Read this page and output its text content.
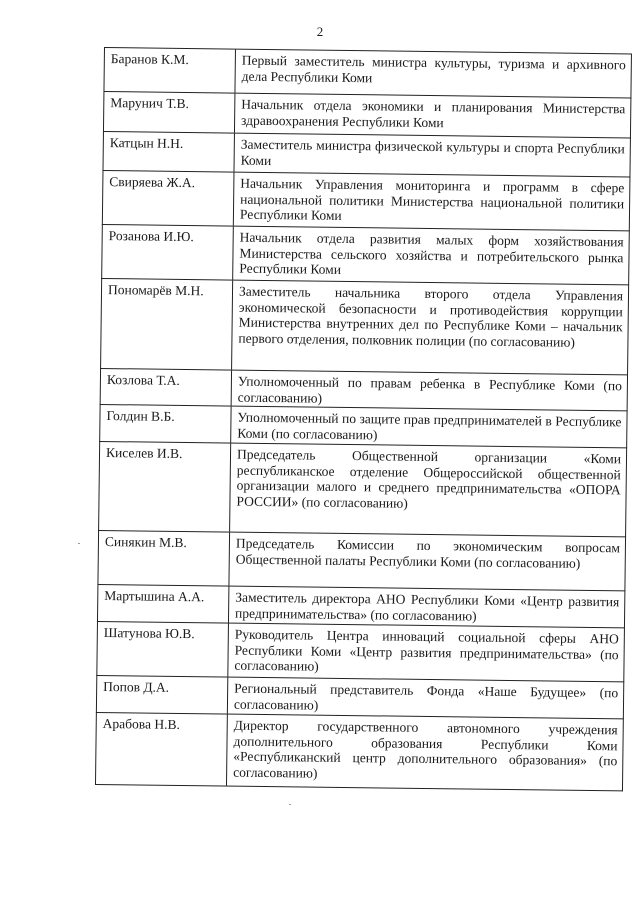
2
Баранов К.М.	Первый заместитель министра культуры, туризма и архивного дела Республики Коми
Марунич Т.В.	Начальник отдела экономики и планирования Министерства здравоохранения Республики Коми
Катцын Н.Н.	Заместитель министра физической культуры и спорта Республики Коми
Свиряева Ж.А.	Начальник Управления мониторинга и программ в сфере национальной политики Министерства национальной политики Республики Коми
Розанова И.Ю.	Начальник отдела развития малых форм хозяйствования Министерства сельского хозяйства и потребительского рынка Республики Коми
Пономарёв М.Н.	Заместитель начальника второго отдела Управления экономической безопасности и противодействия коррупции Министерства внутренних дел по Республике Коми – начальник первого отделения, полковник полиции (по согласованию)
Козлова Т.А.	Уполномоченный по правам ребенка в Республике Коми (по согласованию)
Голдин В.Б.	Уполномоченный по защите прав предпринимателей в Республике Коми (по согласованию)
Киселев И.В.	Председатель Общественной организации «Коми республиканское отделение Общероссийской общественной организации малого и среднего предпринимательства «ОПОРА РОССИИ» (по согласованию)
Синякин М.В.	Председатель Комиссии по экономическим вопросам Общественной палаты Республики Коми (по согласованию)
Мартышина А.А.	Заместитель директора АНО Республики Коми «Центр развития предпринимательства» (по согласованию)
Шатунова Ю.В.	Руководитель Центра инноваций социальной сферы АНО Республики Коми «Центр развития предпринимательства» (по согласованию)
Попов Д.А.	Региональный представитель Фонда «Наше Будущее» (по согласованию)
Арабова Н.В.	Директор государственного автономного учреждения дополнительного образования Республики Коми «Республиканский центр дополнительного образования» (по согласованию)
